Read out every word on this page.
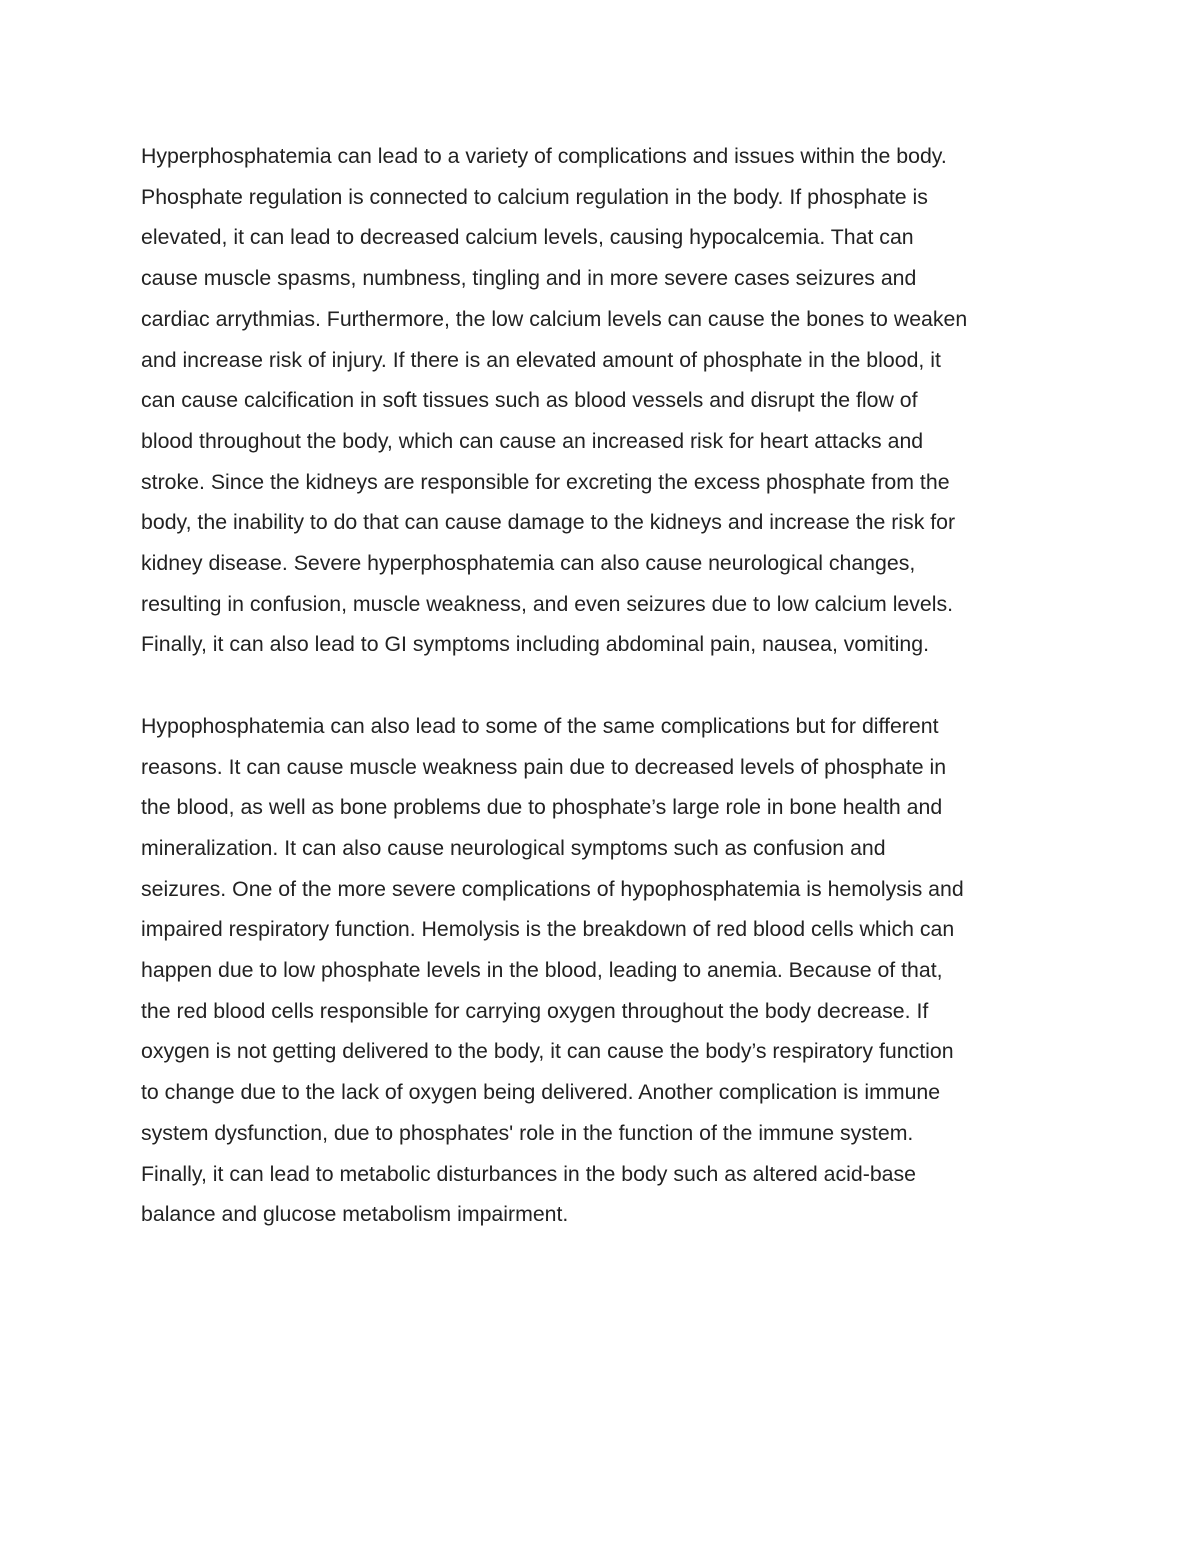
Hyperphosphatemia can lead to a variety of complications and issues within the body.
Phosphate regulation is connected to calcium regulation in the body. If phosphate is
elevated, it can lead to decreased calcium levels, causing hypocalcemia. That can
cause muscle spasms, numbness, tingling and in more severe cases seizures and
cardiac arrythmias. Furthermore, the low calcium levels can cause the bones to weaken
and increase risk of injury. If there is an elevated amount of phosphate in the blood, it
can cause calcification in soft tissues such as blood vessels and disrupt the flow of
blood throughout the body, which can cause an increased risk for heart attacks and
stroke. Since the kidneys are responsible for excreting the excess phosphate from the
body, the inability to do that can cause damage to the kidneys and increase the risk for
kidney disease. Severe hyperphosphatemia can also cause neurological changes,
resulting in confusion, muscle weakness, and even seizures due to low calcium levels.
Finally, it can also lead to GI symptoms including abdominal pain, nausea, vomiting.
Hypophosphatemia can also lead to some of the same complications but for different
reasons. It can cause muscle weakness pain due to decreased levels of phosphate in
the blood, as well as bone problems due to phosphate’s large role in bone health and
mineralization. It can also cause neurological symptoms such as confusion and
seizures. One of the more severe complications of hypophosphatemia is hemolysis and
impaired respiratory function. Hemolysis is the breakdown of red blood cells which can
happen due to low phosphate levels in the blood, leading to anemia. Because of that,
the red blood cells responsible for carrying oxygen throughout the body decrease. If
oxygen is not getting delivered to the body, it can cause the body’s respiratory function
to change due to the lack of oxygen being delivered. Another complication is immune
system dysfunction, due to phosphates' role in the function of the immune system.
Finally, it can lead to metabolic disturbances in the body such as altered acid-base
balance and glucose metabolism impairment.
